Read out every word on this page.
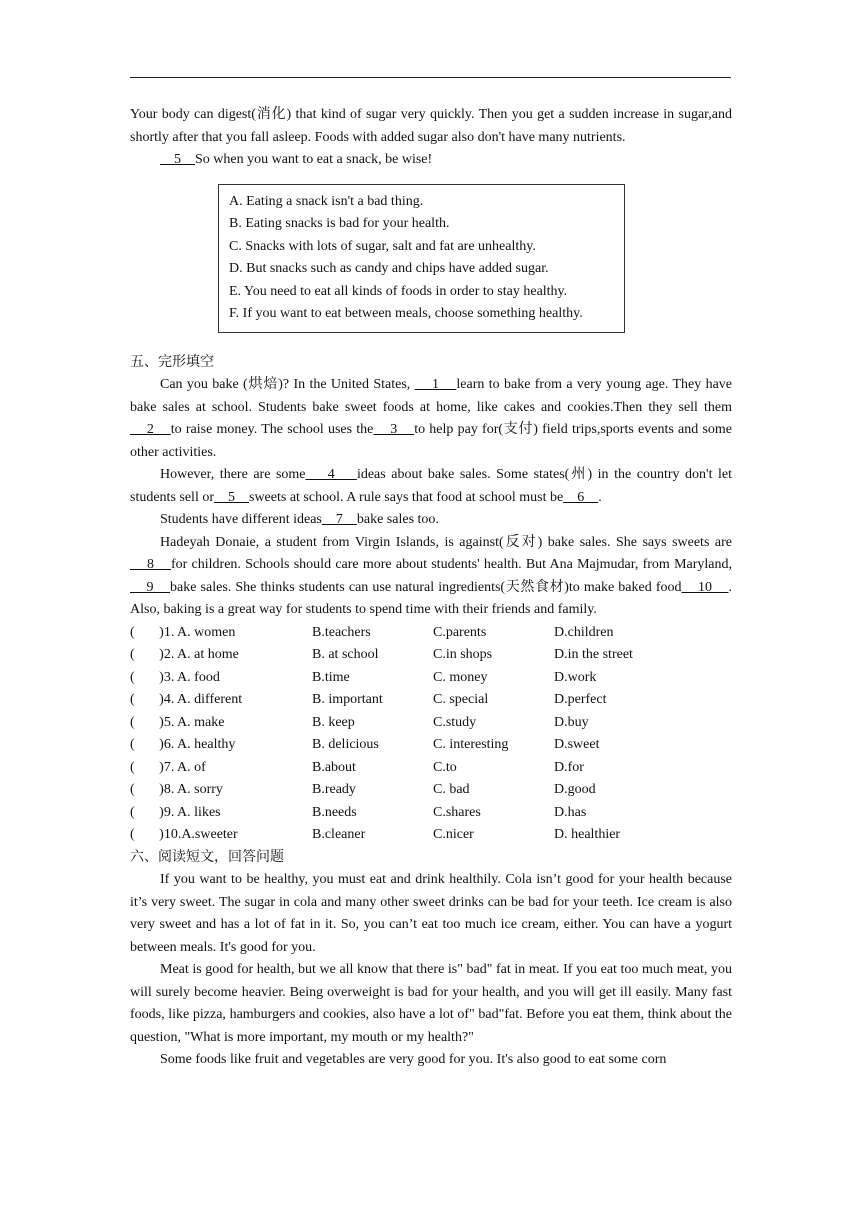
Your body can digest(消化) that kind of sugar very quickly. Then you get a sudden increase in sugar,and shortly after that you fall asleep. Foods with added sugar also don't have many nutrients.

5    So when you want to eat a snack, be wise!

A. Eating a snack isn't a bad thing.
B. Eating snacks is bad for your health.
C. Snacks with lots of sugar, salt and fat are unhealthy.
D. But snacks such as candy and chips have added sugar.
E. You need to eat all kinds of foods in order to stay healthy.
F. If you want to eat between meals, choose something healthy.

五、完形填空

Can you bake (烘焙)? In the United States,     1    learn to bake from a very young age. They have bake sales at school. Students bake sweet foods at home, like cakes and cookies.Then they sell them    2    to raise money. The school uses the    3    to help pay for(支付) field trips,sports events and some other activities.

However, there are some    4    ideas about bake sales. Some states(州) in the country don't let students sell or    5    sweets at school. A rule says that food at school must be    6    .

Students have different ideas    7    bake sales too.

Hadeyah Donaie, a student from Virgin Islands, is against(反对) bake sales. She says sweets are    8    for children. Schools should care more about students' health. But Ana Majmudar, from Maryland,    9    bake sales. She thinks students can use natural ingredients(天然食材)to make baked food    10    . Also, baking is a great way for students to spend time with their friends and family.

(       )1. A. women	B.teachers	C.parents	D.children
(       )2. A. at home	B. at school	C.in shops	D.in the street
(       )3. A. food	B.time	C. money	D.work
(       )4. A. different	B. important	C. special	D.perfect
(       )5. A. make	B. keep	C.study	D.buy
(       )6. A. healthy	B. delicious	C. interesting	D.sweet
(       )7. A. of	B.about	C.to	D.for
(       )8. A. sorry	B.ready	C. bad	D.good
(       )9. A. likes	B.needs	C.shares	D.has
(       )10.A.sweeter	B.cleaner	C.nicer	D. healthier

六、阅读短文，回答问题

If you want to be healthy, you must eat and drink healthily. Cola isn’t good for your health because it’s very sweet. The sugar in cola and many other sweet drinks can be bad for your teeth. Ice cream is also very sweet and has a lot of fat in it. So, you can’t eat too much ice cream, either. You can have a yogurt between meals. It's good for you.

Meat is good for health, but we all know that there is" bad" fat in meat. If you eat too much meat, you will surely become heavier. Being overweight is bad for your health, and you will get ill easily. Many fast foods, like pizza, hamburgers and cookies, also have a lot of" bad"fat. Before you eat them, think about the question, "What is more important, my mouth or my health?"

Some foods like fruit and vegetables are very good for you. It's also good to eat some corn
